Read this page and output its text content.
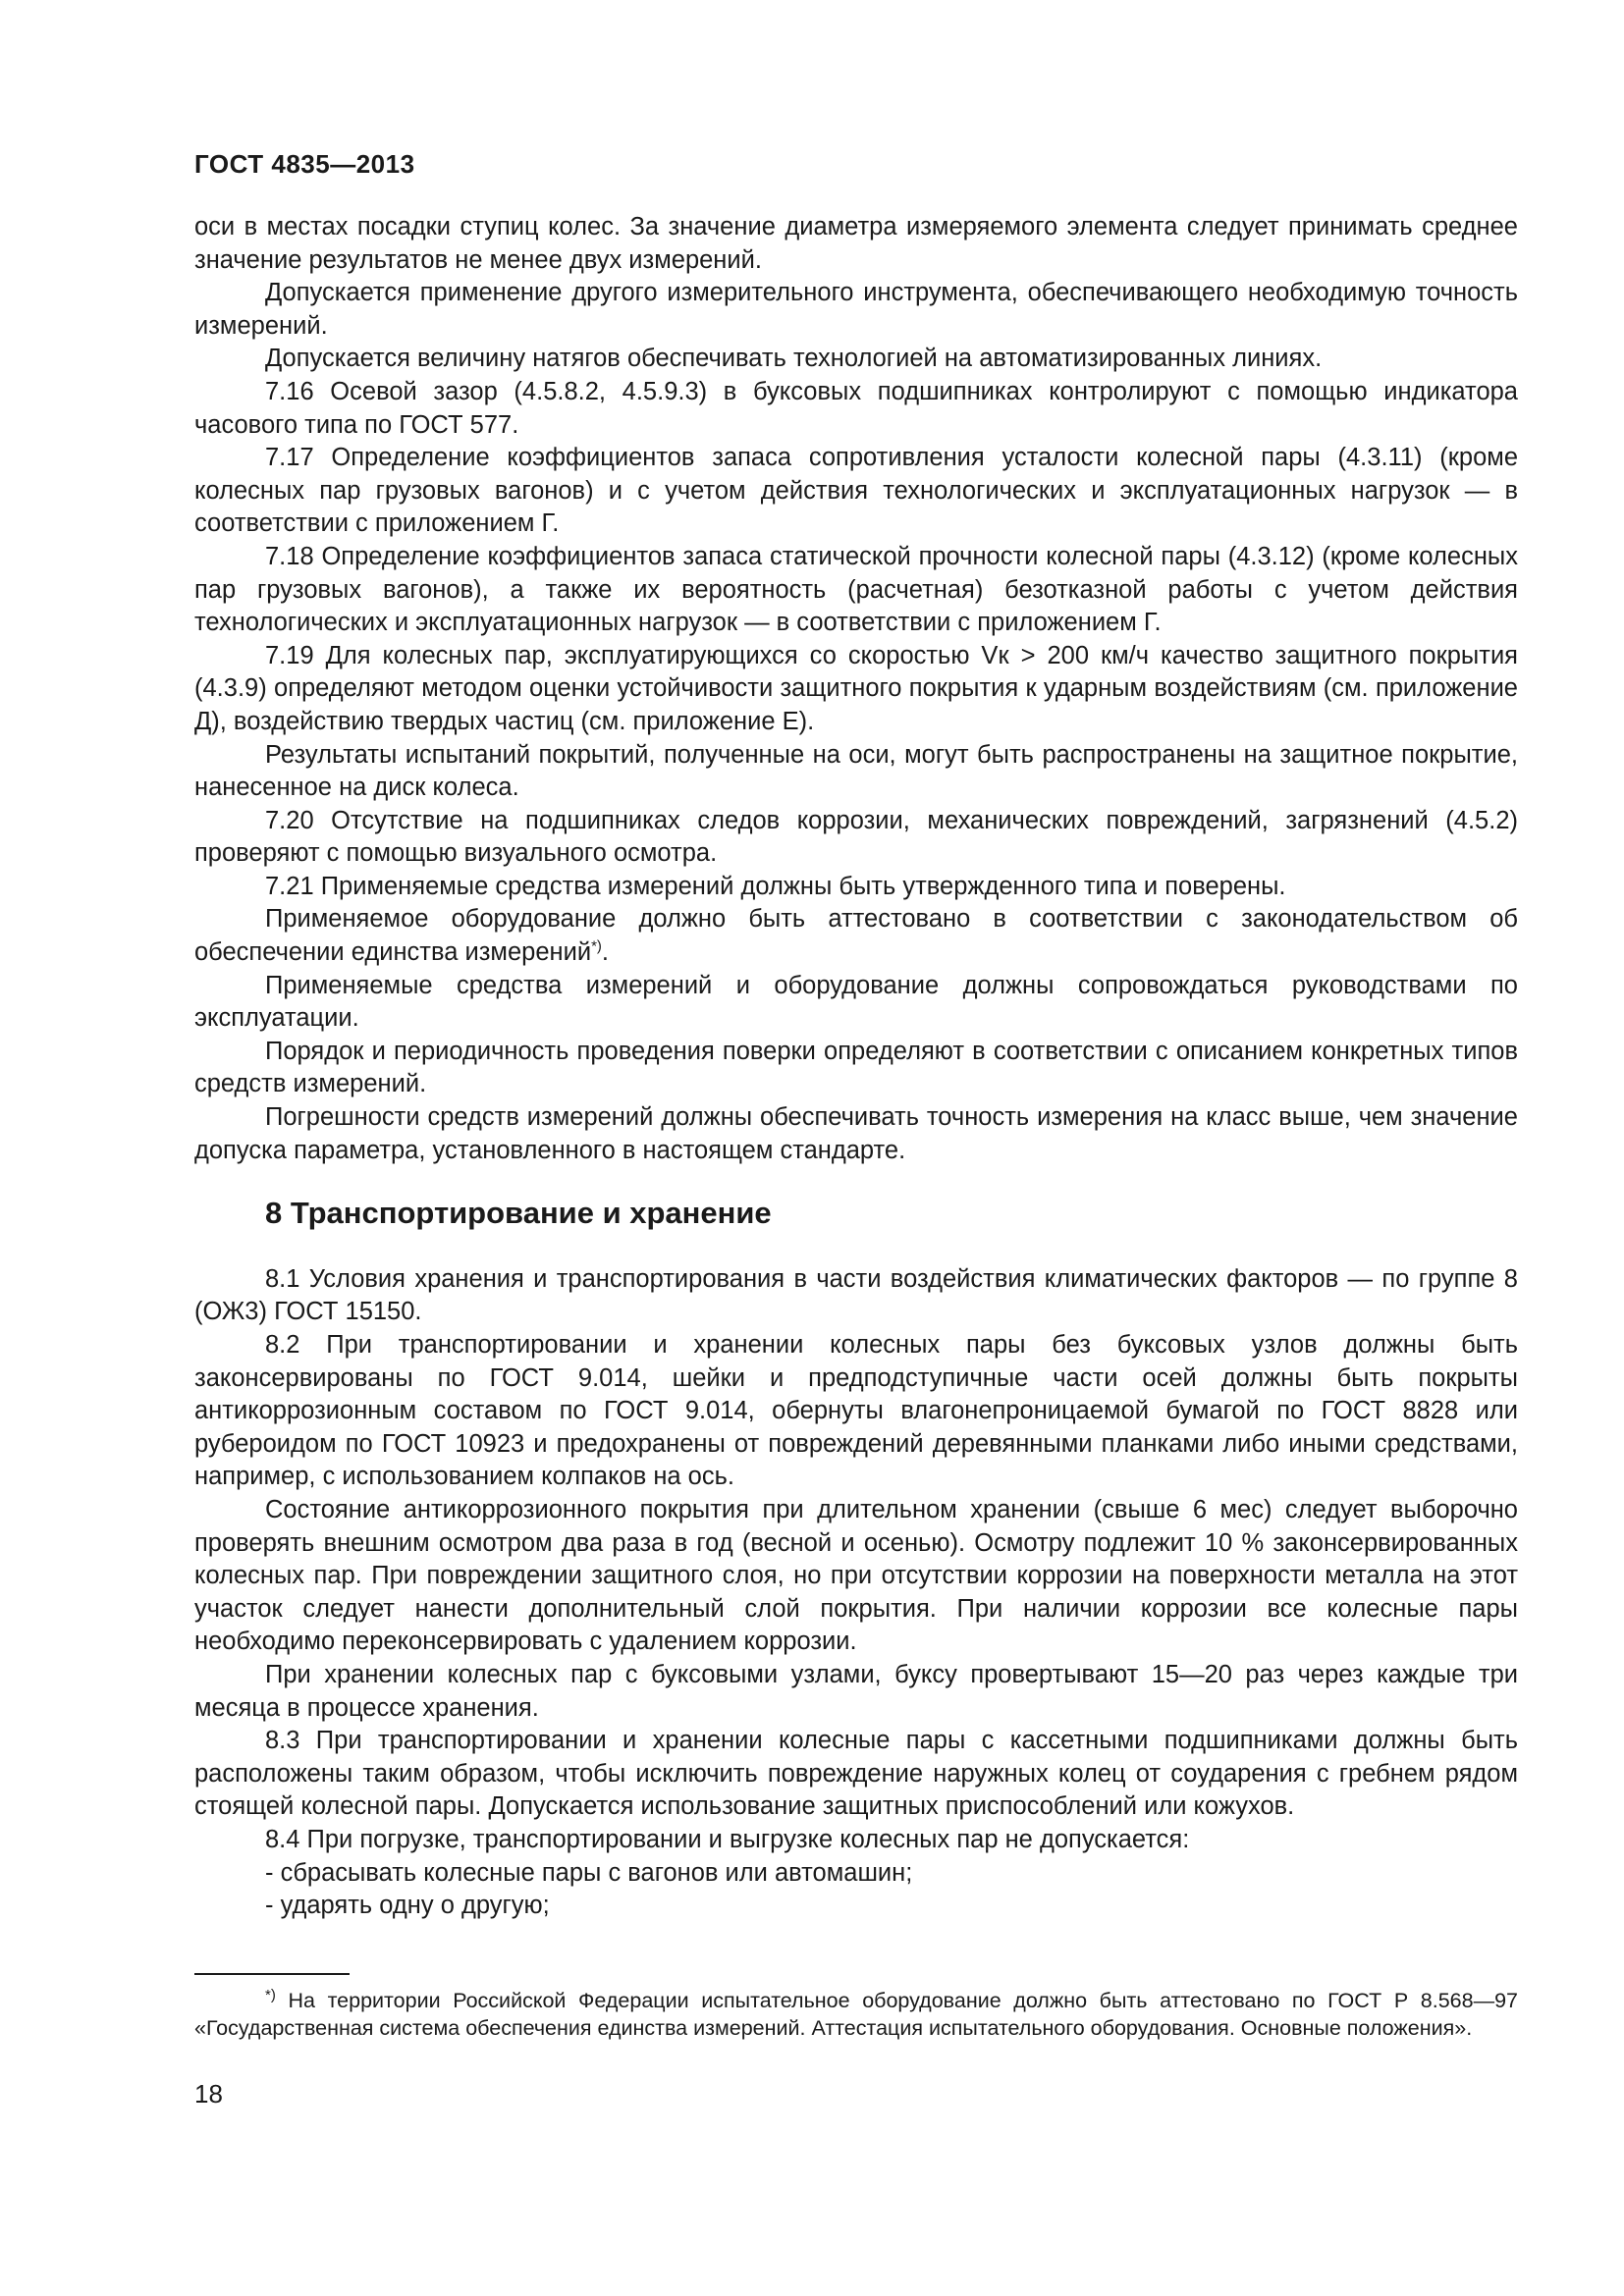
ГОСТ 4835—2013

оси в местах посадки ступиц колес. За значение диаметра измеряемого элемента следует принимать среднее значение результатов не менее двух измерений.

Допускается применение другого измерительного инструмента, обеспечивающего необходимую точность измерений.

Допускается величину натягов обеспечивать технологией на автоматизированных линиях.

7.16 Осевой зазор (4.5.8.2, 4.5.9.3) в буксовых подшипниках контролируют с помощью индикатора часового типа по ГОСТ 577.

7.17 Определение коэффициентов запаса сопротивления усталости колесной пары (4.3.11) (кроме колесных пар грузовых вагонов) и с учетом действия технологических и эксплуатационных нагрузок — в соответствии с приложением Г.

7.18 Определение коэффициентов запаса статической прочности колесной пары (4.3.12) (кроме колесных пар грузовых вагонов), а также их вероятность (расчетная) безотказной работы с учетом действия технологических и эксплуатационных нагрузок — в соответствии с приложением Г.

7.19 Для колесных пар, эксплуатирующихся со скоростью Vк > 200 км/ч качество защитного покрытия (4.3.9) определяют методом оценки устойчивости защитного покрытия к ударным воздействиям (см. приложение Д), воздействию твердых частиц (см. приложение Е).

Результаты испытаний покрытий, полученные на оси, могут быть распространены на защитное покрытие, нанесенное на диск колеса.

7.20 Отсутствие на подшипниках следов коррозии, механических повреждений, загрязнений (4.5.2) проверяют с помощью визуального осмотра.

7.21 Применяемые средства измерений должны быть утвержденного типа и поверены.

Применяемое оборудование должно быть аттестовано в соответствии с законодательством об обеспечении единства измерений*).

Применяемые средства измерений и оборудование должны сопровождаться руководствами по эксплуатации.

Порядок и периодичность проведения поверки определяют в соответствии с описанием конкретных типов средств измерений.

Погрешности средств измерений должны обеспечивать точность измерения на класс выше, чем значение допуска параметра, установленного в настоящем стандарте.

8 Транспортирование и хранение

8.1 Условия хранения и транспортирования в части воздействия климатических факторов — по группе 8 (ОЖ3) ГОСТ 15150.

8.2 При транспортировании и хранении колесных пары без буксовых узлов должны быть законсервированы по ГОСТ 9.014, шейки и предподступичные части осей должны быть покрыты антикоррозионным составом по ГОСТ 9.014, обернуты влагонепроницаемой бумагой по ГОСТ 8828 или рубероидом по ГОСТ 10923 и предохранены от повреждений деревянными планками либо иными средствами, например, с использованием колпаков на ось.

Состояние антикоррозионного покрытия при длительном хранении (свыше 6 мес) следует выборочно проверять внешним осмотром два раза в год (весной и осенью). Осмотру подлежит 10 % законсервированных колесных пар. При повреждении защитного слоя, но при отсутствии коррозии на поверхности металла на этот участок следует нанести дополнительный слой покрытия. При наличии коррозии все колесные пары необходимо переконсервировать с удалением коррозии.

При хранении колесных пар с буксовыми узлами, буксу провертывают 15—20 раз через каждые три месяца в процессе хранения.

8.3 При транспортировании и хранении колесные пары с кассетными подшипниками должны быть расположены таким образом, чтобы исключить повреждение наружных колец от соударения с гребнем рядом стоящей колесной пары. Допускается использование защитных приспособлений или кожухов.

8.4 При погрузке, транспортировании и выгрузке колесных пар не допускается:

- сбрасывать колесные пары с вагонов или автомашин;

- ударять одну о другую;

*) На территории Российской Федерации испытательное оборудование должно быть аттестовано по ГОСТ Р 8.568—97 «Государственная система обеспечения единства измерений. Аттестация испытательного оборудования. Основные положения».
18
